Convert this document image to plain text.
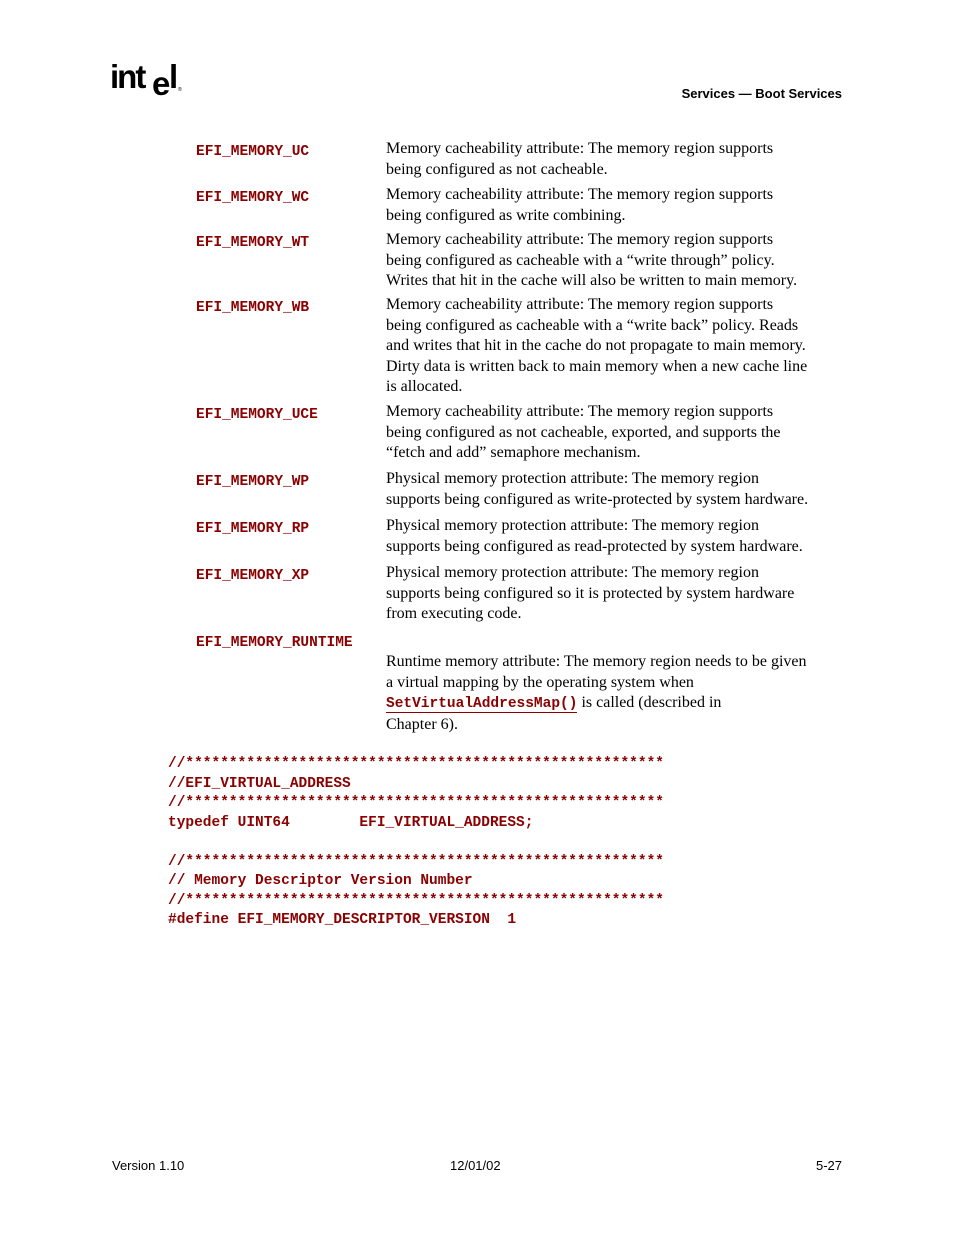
int e
l ®	Services — Boot Services
EFI_MEMORY_UC	Memory cacheability attribute: The memory region supports
being configured as not cacheable.
EFI_MEMORY_WC	Memory cacheability attribute: The memory region supports
being configured as write combining.
EFI_MEMORY_WT	Memory cacheability attribute: The memory region supports
being configured as cacheable with a “write through” policy.
Writes that hit in the cache will also be written to main memory.
EFI_MEMORY_WB	Memory cacheability attribute: The memory region supports
being configured as cacheable with a “write back” policy. Reads
and writes that hit in the cache do not propagate to main memory.
Dirty data is written back to main memory when a new cache line
is allocated.
EFI_MEMORY_UCE	Memory cacheability attribute: The memory region supports
being configured as not cacheable, exported, and supports the
“fetch and add” semaphore mechanism.
EFI_MEMORY_WP	Physical memory protection attribute: The memory region
supports being configured as write-protected by system hardware.
EFI_MEMORY_RP	Physical memory protection attribute: The memory region
supports being configured as read-protected by system hardware.
EFI_MEMORY_XP	Physical memory protection attribute: The memory region
supports being configured so it is protected by system hardware
from executing code.
EFI_MEMORY_RUNTIME
Runtime memory attribute: The memory region needs to be given
a virtual mapping by the operating system when
SetVirtualAddressMap() is called (described in
Chapter 6).
//*******************************************************
//EFI_VIRTUAL_ADDRESS
//*******************************************************
typedef UINT64        EFI_VIRTUAL_ADDRESS;
//*******************************************************
// Memory Descriptor Version Number
//*******************************************************
#define EFI_MEMORY_DESCRIPTOR_VERSION  1
Version 1.10	12/01/02	5-27
